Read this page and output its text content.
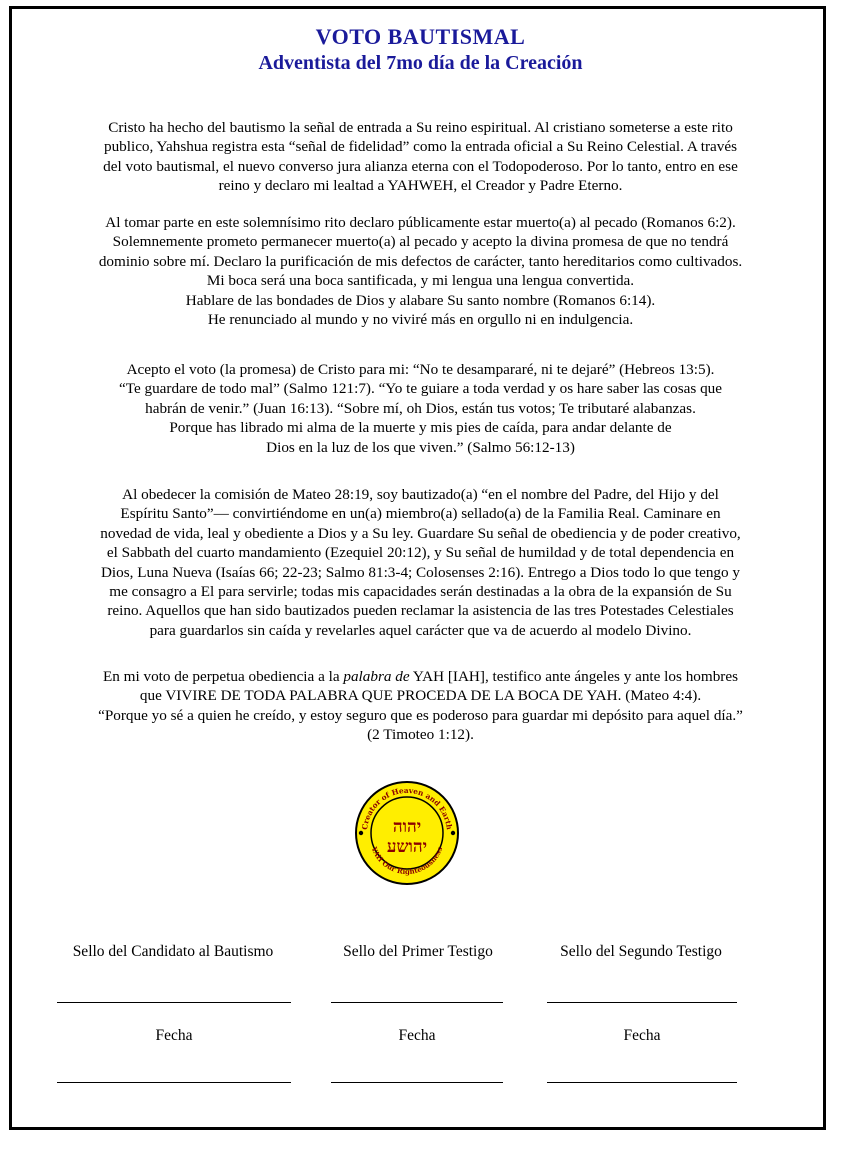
VOTO BAUTISMAL
Adventista del 7mo día de la Creación

Cristo ha hecho del bautismo la señal de entrada a Su reino espiritual. Al cristiano someterse a este rito
publico, Yahshua registra esta “señal de fidelidad” como la entrada oficial a Su Reino Celestial. A través
del voto bautismal, el nuevo converso jura alianza eterna con el Todopoderoso. Por lo tanto, entro en ese
reino y declaro mi lealtad a YAHWEH, el Creador y Padre Eterno.

Al tomar parte en este solemnísimo rito declaro públicamente estar muerto(a) al pecado (Romanos 6:2).
Solemnemente prometo permanecer muerto(a) al pecado y acepto la divina promesa de que no tendrá
dominio sobre mí. Declaro la purificación de mis defectos de carácter, tanto hereditarios como cultivados.
Mi boca será una boca santificada, y mi lengua una lengua convertida.
Hablare de las bondades de Dios y alabare Su santo nombre (Romanos 6:14).
He renunciado al mundo y no viviré más en orgullo ni en indulgencia.

Acepto el voto (la promesa) de Cristo para mi: “No te desampararé, ni te dejaré” (Hebreos 13:5).
“Te guardare de todo mal” (Salmo 121:7). “Yo te guiare a toda verdad y os hare saber las cosas que
habrán de venir.” (Juan 16:13). “Sobre mí, oh Dios, están tus votos; Te tributaré alabanzas.
Porque has librado mi alma de la muerte y mis pies de caída, para andar delante de
Dios en la luz de los que viven.” (Salmo 56:12-13)

Al obedecer la comisión de Mateo 28:19, soy bautizado(a) “en el nombre del Padre, del Hijo y del
Espíritu Santo”— convirtiéndome en un(a) miembro(a) sellado(a) de la Familia Real. Caminare en
novedad de vida, leal y obediente a Dios y a Su ley. Guardare Su señal de obediencia y de poder creativo,
el Sabbath del cuarto mandamiento (Ezequiel 20:12), y Su señal de humildad y de total dependencia en
Dios, Luna Nueva (Isaías 66; 22-23; Salmo 81:3-4; Colosenses 2:16). Entrego a Dios todo lo que tengo y
me consagro a El para servirle; todas mis capacidades serán destinadas a la obra de la expansión de Su
reino. Aquellos que han sido bautizados pueden reclamar la asistencia de las tres Potestades Celestiales
para guardarlos sin caída y revelarles aquel carácter que va de acuerdo al modelo Divino.

En mi voto de perpetua obediencia a la palabra de YAH [IAH], testifico ante ángeles y ante los hombres
que VIVIRE DE TODA PALABRA QUE PROCEDA DE LA BOCA DE YAH. (Mateo 4:4).
“Porque yo sé a quien he creído, y estoy seguro que es poderoso para guardar mi depósito para aquel día.”
(2 Timoteo 1:12).

Creator of Heaven and Earth
YAH Our Righteousness
יהוה
יהושע
Sello del Candidato al Bautismo	Sello del Primer Testigo	Sello del Segundo Testigo
Fecha	Fecha	Fecha
